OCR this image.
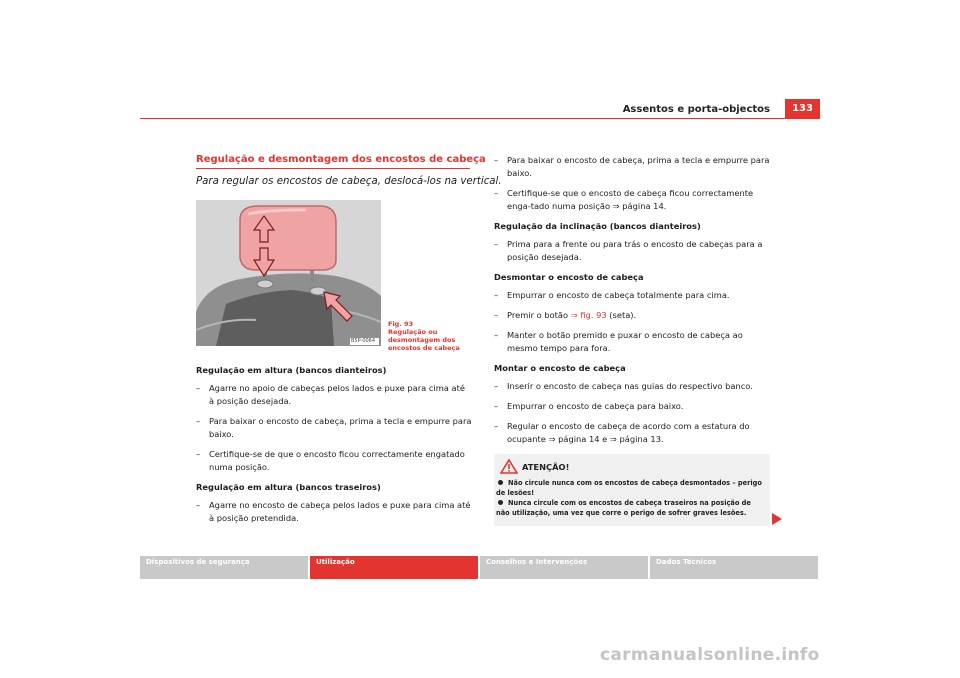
Assentos e porta-objectos	133
Regulação e desmontagem dos encostos de cabeça
Para regular os encostos de cabeça, deslocá-los na vertical.
B5P-0064
Fig. 93
Regulação ou desmontagem dos encostos de cabeça
Regulação em altura (bancos dianteiros)
– Agarre no apoio de cabeças pelos lados e puxe para cima até à posição desejada.
– Para baixar o encosto de cabeça, prima a tecla e empurre para baixo.
– Certifique-se de que o encosto ficou correctamente engatado numa posição.
Regulação em altura (bancos traseiros)
– Agarre no encosto de cabeça pelos lados e puxe para cima até à posição pretendida.
– Para baixar o encosto de cabeça, prima a tecla e empurre para baixo.
– Certifique-se que o encosto de cabeça ficou correctamente enga-tado numa posição ⇒ página 14.
Regulação da inclinação (bancos dianteiros)
– Prima para a frente ou para trás o encosto de cabeças para a posição desejada.
Desmontar o encosto de cabeça
– Empurrar o encosto de cabeça totalmente para cima.
– Premir o botão ⇒ fig. 93 (seta).
– Manter o botão premido e puxar o encosto de cabeça ao mesmo tempo para fora.
Montar o encosto de cabeça
– Inserir o encosto de cabeça nas guias do respectivo banco.
– Empurrar o encosto de cabeça para baixo.
– Regular o encosto de cabeça de acordo com a estatura do ocupante ⇒ página 14 e ⇒ página 13.
ATENÇÃO!

Não circule nunca com os encostos de cabeça desmontados – perigo de lesões!

Nunca circule com os encostos de cabeça traseiros na posição de não utilização, uma vez que corre o perigo de sofrer graves lesões.

Dispositivos de segurança	Utilização	Conselhos e Intervenções	Dados Técnicos
carmanualsonline.info
